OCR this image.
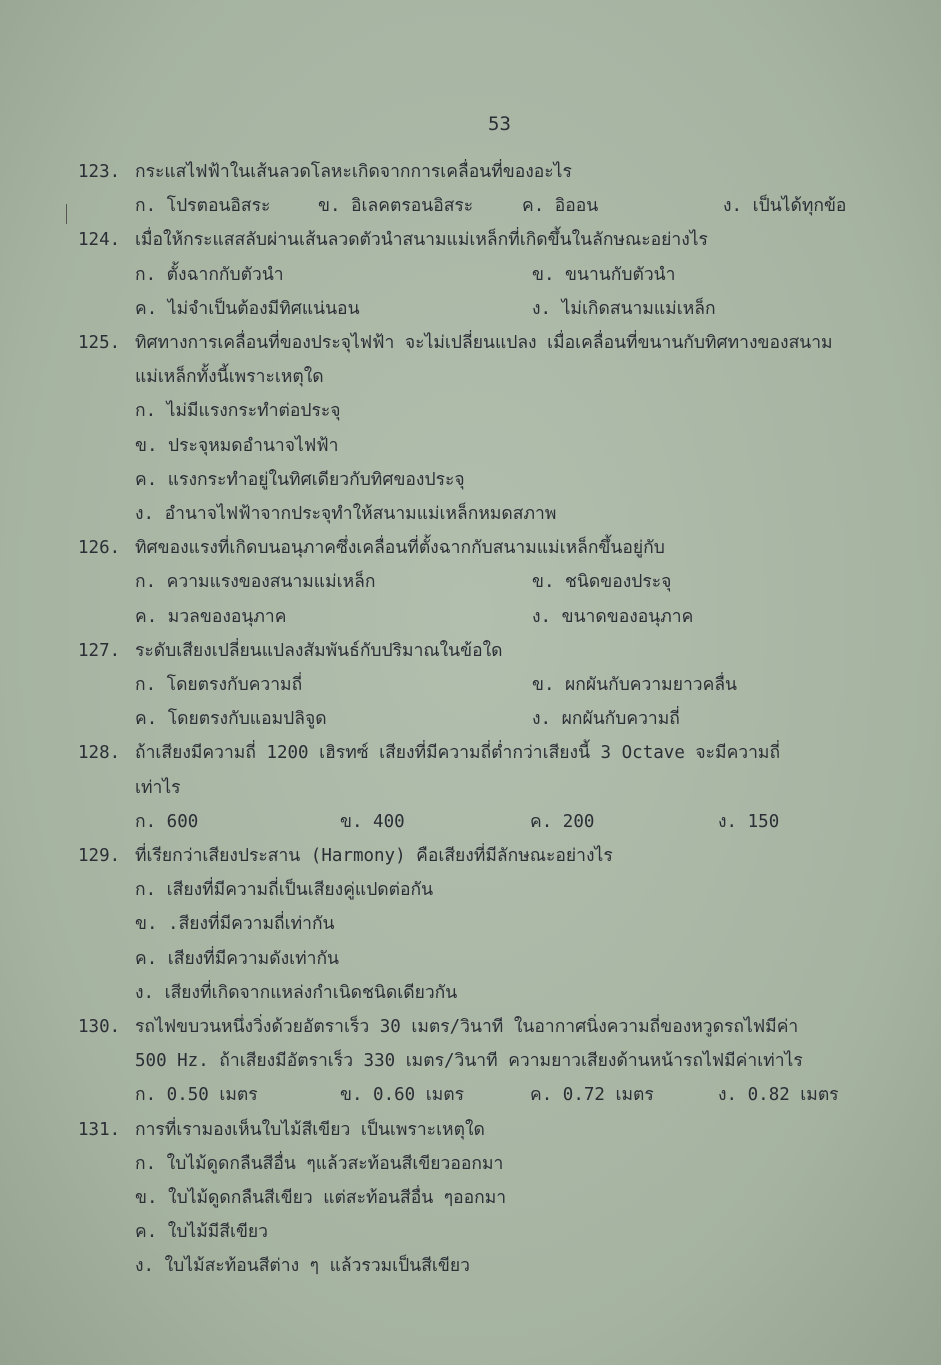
53
123. กระแสไฟฟ้าในเส้นลวดโลหะเกิดจากการเคลื่อนที่ของอะไร
ก. โปรตอนอิสระ	ข. อิเลคตรอนอิสระ	ค. อิออน	ง. เป็นได้ทุกข้อ
124. เมื่อให้กระแสสลับผ่านเส้นลวดตัวนำสนามแม่เหล็กที่เกิดขึ้นในลักษณะอย่างไร
ก. ตั้งฉากกับตัวนำ	ข. ขนานกับตัวนำ
ค. ไม่จำเป็นต้องมีทิศแน่นอน	ง. ไม่เกิดสนามแม่เหล็ก
125. ทิศทางการเคลื่อนที่ของประจุไฟฟ้า จะไม่เปลี่ยนแปลง เมื่อเคลื่อนที่ขนานกับทิศทางของสนาม
แม่เหล็กทั้งนี้เพราะเหตุใด
ก. ไม่มีแรงกระทำต่อประจุ
ข. ประจุหมดอำนาจไฟฟ้า
ค. แรงกระทำอยู่ในทิศเดียวกับทิศของประจุ
ง. อำนาจไฟฟ้าจากประจุทำให้สนามแม่เหล็กหมดสภาพ
126. ทิศของแรงที่เกิดบนอนุภาคซึ่งเคลื่อนที่ตั้งฉากกับสนามแม่เหล็กขึ้นอยู่กับ
ก. ความแรงของสนามแม่เหล็ก	ข. ชนิดของประจุ
ค. มวลของอนุภาค	ง. ขนาดของอนุภาค
127. ระดับเสียงเปลี่ยนแปลงสัมพันธ์กับปริมาณในข้อใด
ก. โดยตรงกับความถี่	ข. ผกผันกับความยาวคลื่น
ค. โดยตรงกับแอมปลิจูด	ง. ผกผันกับความถี่
128. ถ้าเสียงมีความถี่ 1200 เฮิรทซ์ เสียงที่มีความถี่ต่ำกว่าเสียงนี้ 3 Octave จะมีความถี่
เท่าไร
ก. 600	ข. 400	ค. 200	ง. 150
129. ที่เรียกว่าเสียงประสาน (Harmony) คือเสียงที่มีลักษณะอย่างไร
ก. เสียงที่มีความถี่เป็นเสียงคู่แปดต่อกัน
ข. .สียงที่มีความถี่เท่ากัน
ค. เสียงที่มีความดังเท่ากัน
ง. เสียงที่เกิดจากแหล่งกำเนิดชนิดเดียวกัน
130. รถไฟขบวนหนึ่งวิ่งด้วยอัตราเร็ว 30 เมตร/วินาที ในอากาศนิ่งความถี่ของหวูดรถไฟมีค่า
500 Hz. ถ้าเสียงมีอัตราเร็ว 330 เมตร/วินาที ความยาวเสียงด้านหน้ารถไฟมีค่าเท่าไร
ก. 0.50 เมตร	ข. 0.60 เมตร	ค. 0.72 เมตร	ง. 0.82 เมตร
131. การที่เรามองเห็นใบไม้สีเขียว เป็นเพราะเหตุใด
ก. ใบไม้ดูดกลืนสีอื่น ๆแล้วสะท้อนสีเขียวออกมา
ข. ใบไม้ดูดกลืนสีเขียว แต่สะท้อนสีอื่น ๆออกมา
ค. ใบไม้มีสีเขียว
ง. ใบไม้สะท้อนสีต่าง ๆ แล้วรวมเป็นสีเขียว
